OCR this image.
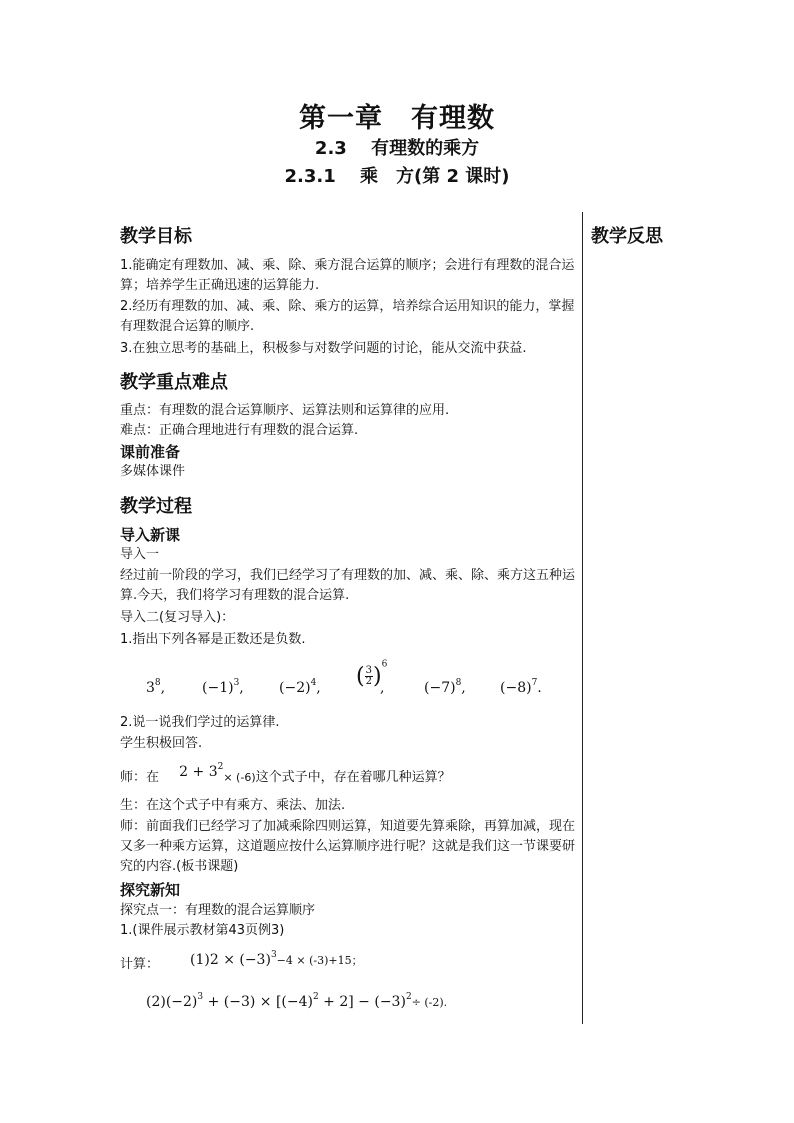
第一章　有理数
2.3　 有理数的乘方
2.3.1　 乘　方(第 2 课时)
教学反思
教学目标
1.能确定有理数加、减、乘、除、乘方混合运算的顺序；会进行有理数的混合运算；培养学生正确迅速的运算能力.
2.经历有理数的加、减、乘、除、乘方的运算，培养综合运用知识的能力，掌握有理数混合运算的顺序.
3.在独立思考的基础上，积极参与对数学问题的讨论，能从交流中获益.
教学重点难点
重点：有理数的混合运算顺序、运算法则和运算律的应用.
难点：正确合理地进行有理数的混合运算.
课前准备
多媒体课件
教学过程
导入新课
导入一
经过前一阶段的学习，我们已经学习了有理数的加、减、乘、除、乘方这五种运算.今天，我们将学习有理数的混合运算.
导入二(复习导入)：
1.指出下列各幂是正数还是负数.
$3^8$,	$(-1)^3$,	$(-2)^4$, ( $\frac{3}{2} )^6$
,	$(-7)^8$, $(-8)^7$.
2.说一说我们学过的运算律.
学生积极回答.
师：在 $2 + 3^2\times (-6)$这个式子中，存在着哪几种运算？
生：在这个式子中有乘方、乘法、加法.
师：前面我们已经学习了加减乘除四则运算，知道要先算乘除，再算加减，现在又多一种乘方运算，这道题应按什么运算顺序进行呢？这就是我们这一节课要研究的内容.(板书课题)
探究新知
探究点一：有理数的混合运算顺序
1.(课件展示教材第43页例3)
计算： $(1)2 \times (-3)^3-4 \times (-3)+15$；
$(2)(-2)^3 + (-3) \times [(-4)^2 + 2] - (-3)^2\div (-2)$.
